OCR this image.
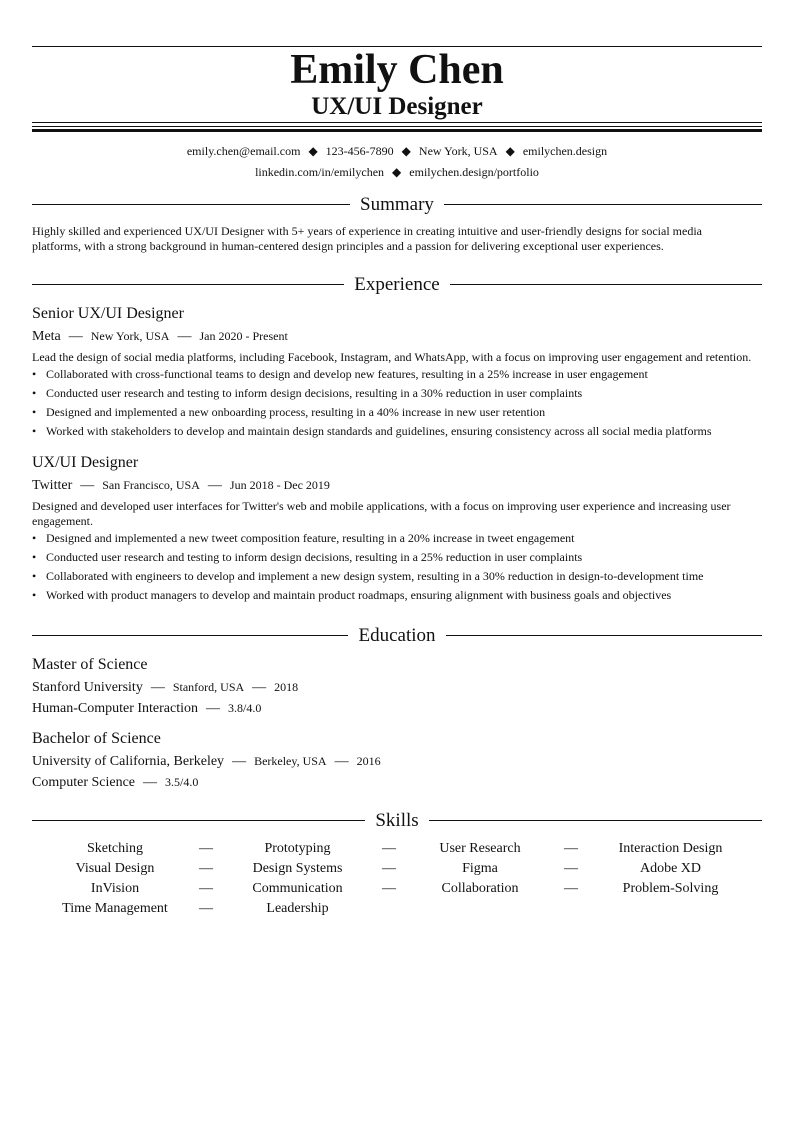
Emily Chen
UX/UI Designer
emily.chen@email.com ◆ 123-456-7890 ◆ New York, USA ◆ emilychen.design
linkedin.com/in/emilychen ◆ emilychen.design/portfolio
Summary
Highly skilled and experienced UX/UI Designer with 5+ years of experience in creating intuitive and user-friendly designs for social media platforms, with a strong background in human-centered design principles and a passion for delivering exceptional user experiences.
Experience
Senior UX/UI Designer
Meta — New York, USA — Jan 2020 - Present
Lead the design of social media platforms, including Facebook, Instagram, and WhatsApp, with a focus on improving user engagement and retention.
• Collaborated with cross-functional teams to design and develop new features, resulting in a 25% increase in user engagement
• Conducted user research and testing to inform design decisions, resulting in a 30% reduction in user complaints
• Designed and implemented a new onboarding process, resulting in a 40% increase in new user retention
• Worked with stakeholders to develop and maintain design standards and guidelines, ensuring consistency across all social media platforms
UX/UI Designer
Twitter — San Francisco, USA — Jun 2018 - Dec 2019
Designed and developed user interfaces for Twitter's web and mobile applications, with a focus on improving user experience and increasing user engagement.
• Designed and implemented a new tweet composition feature, resulting in a 20% increase in tweet engagement
• Conducted user research and testing to inform design decisions, resulting in a 25% reduction in user complaints
• Collaborated with engineers to develop and implement a new design system, resulting in a 30% reduction in design-to-development time
• Worked with product managers to develop and maintain product roadmaps, ensuring alignment with business goals and objectives
Education
Master of Science
Stanford University — Stanford, USA — 2018
Human-Computer Interaction — 3.8/4.0
Bachelor of Science
University of California, Berkeley — Berkeley, USA — 2016
Computer Science — 3.5/4.0
Skills
Sketching	—	Prototyping	—	User Research	—	Interaction Design
Visual Design	—	Design Systems	—	Figma	—	Adobe XD
InVision	—	Communication	—	Collaboration	—	Problem-Solving
Time Management	—	Leadership
